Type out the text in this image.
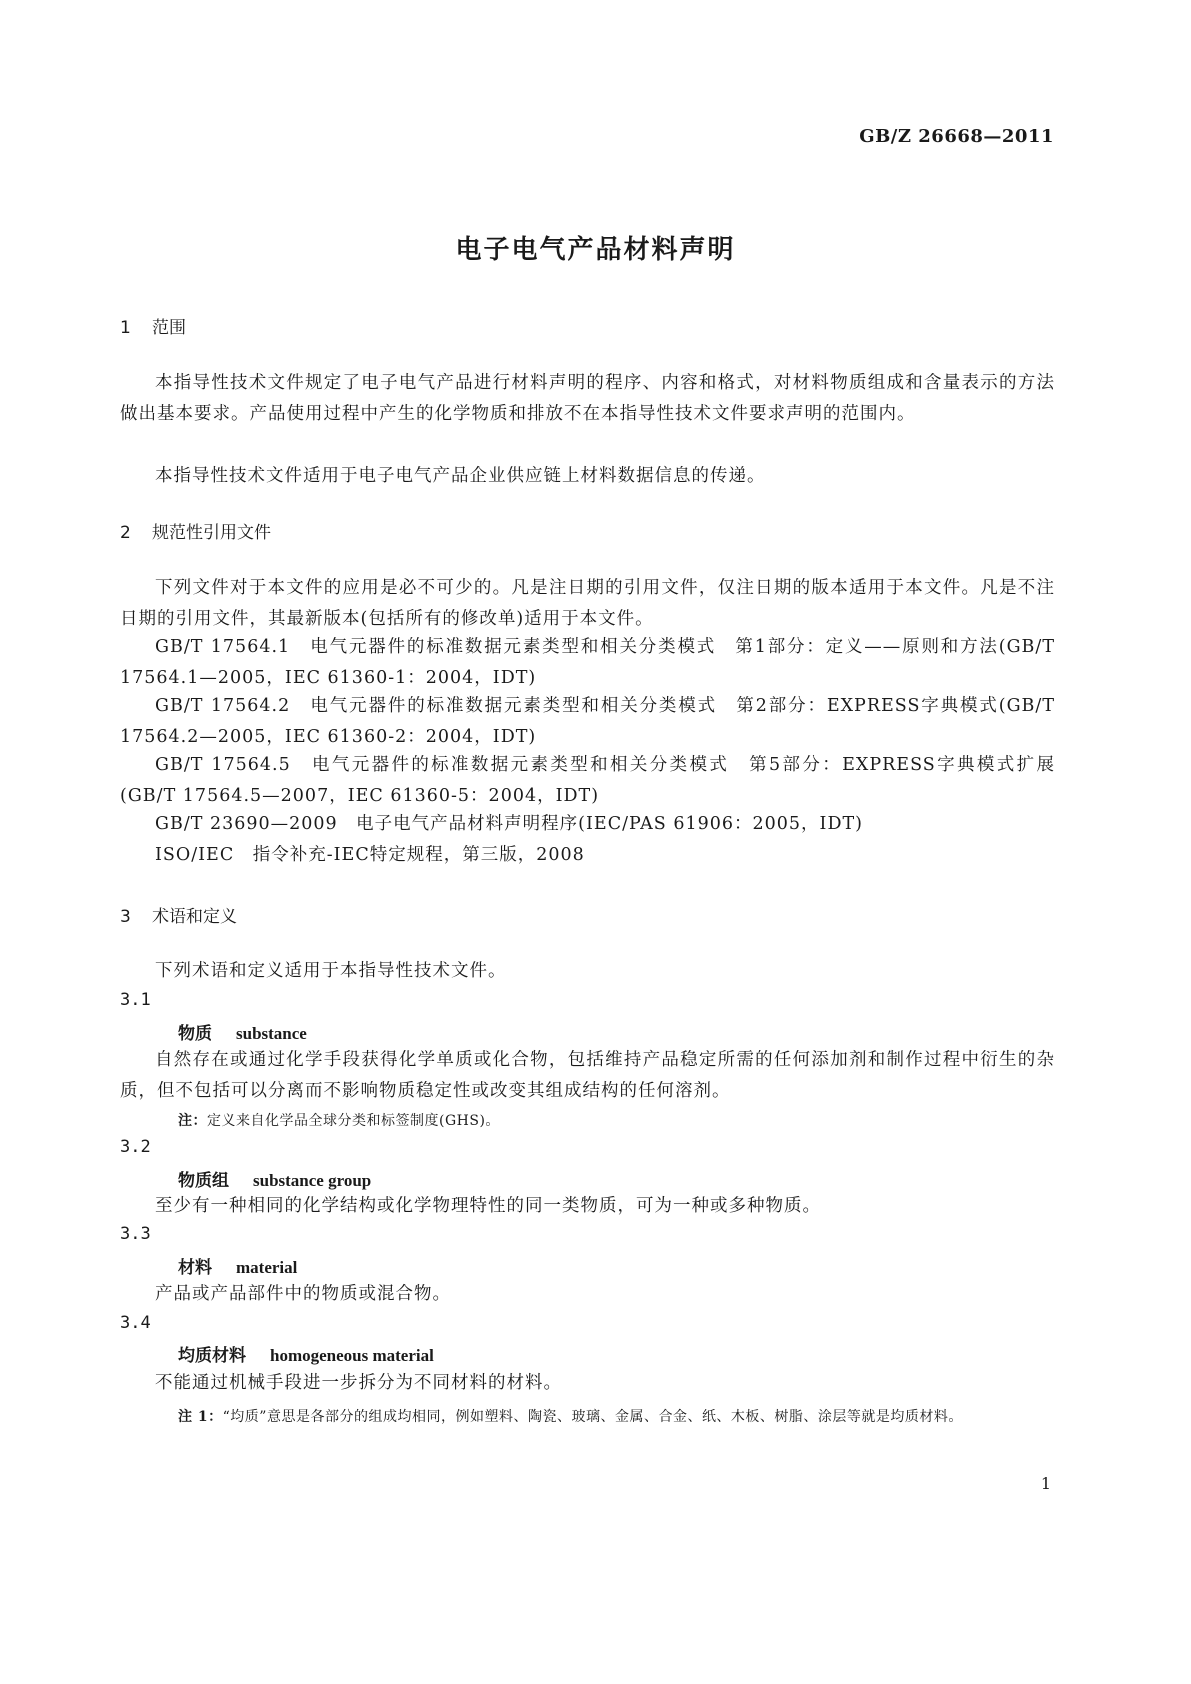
GB/Z 26668—2011
电子电气产品材料声明
1 范围
本指导性技术文件规定了电子电气产品进行材料声明的程序、内容和格式，对材料物质组成和含量表示的方法做出基本要求。产品使用过程中产生的化学物质和排放不在本指导性技术文件要求声明的范围内。
本指导性技术文件适用于电子电气产品企业供应链上材料数据信息的传递。
2 规范性引用文件
下列文件对于本文件的应用是必不可少的。凡是注日期的引用文件，仅注日期的版本适用于本文件。凡是不注日期的引用文件，其最新版本(包括所有的修改单)适用于本文件。
GB/T 17564.1　电气元器件的标准数据元素类型和相关分类模式　第1部分：定义——原则和方法(GB/T 17564.1—2005，IEC 61360-1：2004，IDT)
GB/T 17564.2　电气元器件的标准数据元素类型和相关分类模式　第2部分：EXPRESS字典模式(GB/T 17564.2—2005，IEC 61360-2：2004，IDT)
GB/T 17564.5　电气元器件的标准数据元素类型和相关分类模式　第5部分：EXPRESS字典模式扩展(GB/T 17564.5—2007，IEC 61360-5：2004，IDT)
GB/T 23690—2009　电子电气产品材料声明程序(IEC/PAS 61906：2005，IDT)
ISO/IEC　指令补充-IEC特定规程，第三版，2008
3 术语和定义
下列术语和定义适用于本指导性技术文件。
3.1
物质 substance
自然存在或通过化学手段获得化学单质或化合物，包括维持产品稳定所需的任何添加剂和制作过程中衍生的杂质，但不包括可以分离而不影响物质稳定性或改变其组成结构的任何溶剂。
注：定义来自化学品全球分类和标签制度(GHS)。
3.2
物质组 substance group
至少有一种相同的化学结构或化学物理特性的同一类物质，可为一种或多种物质。
3.3
材料 material
产品或产品部件中的物质或混合物。
3.4
均质材料 homogeneous material
不能通过机械手段进一步拆分为不同材料的材料。
注 1：“均质”意思是各部分的组成均相同，例如塑料、陶瓷、玻璃、金属、合金、纸、木板、树脂、涂层等就是均质材料。
1
